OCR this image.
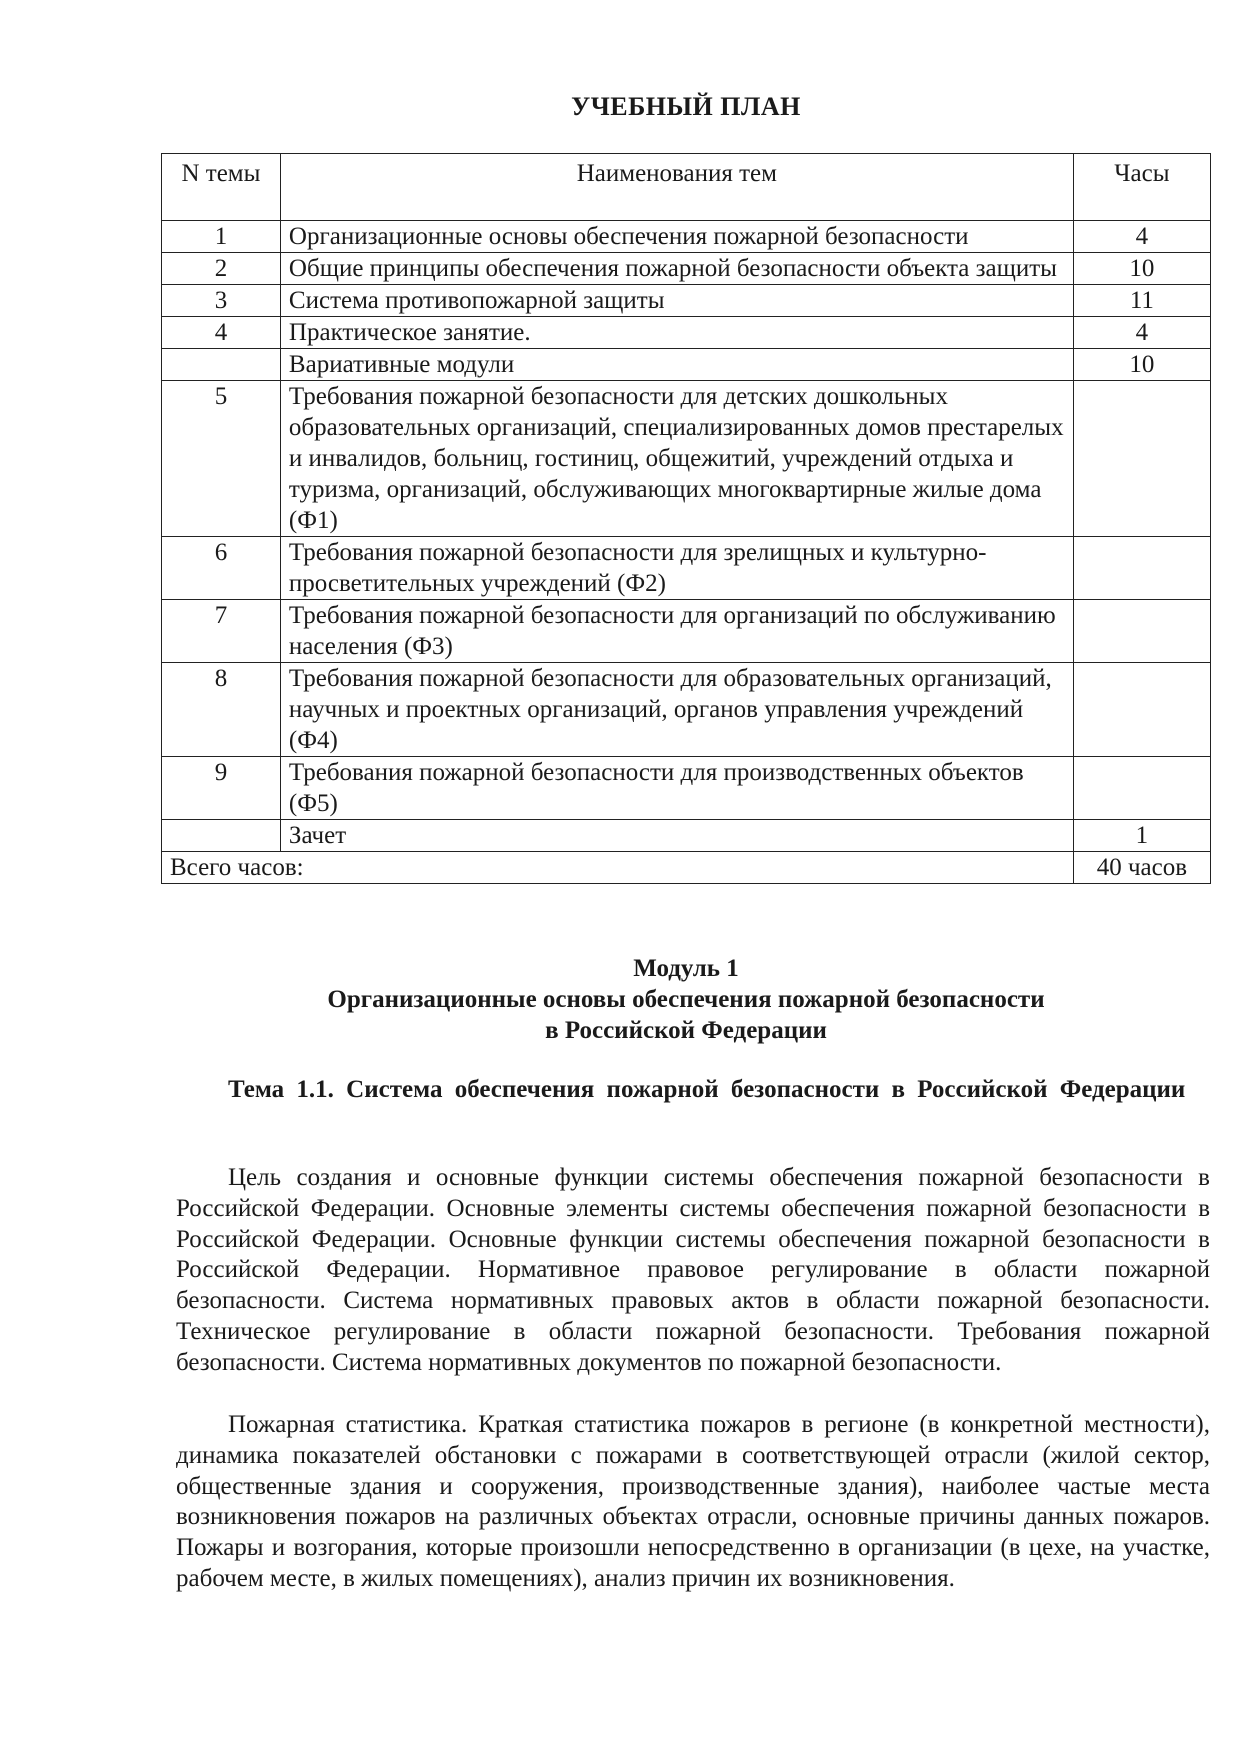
УЧЕБНЫЙ ПЛАН
N темы	Наименования тем	Часы
1	Организационные основы обеспечения пожарной безопасности	4
2	Общие принципы обеспечения пожарной безопасности объекта защиты	10
3	Система противопожарной защиты	11
4	Практическое занятие.	4
	Вариативные модули	10
5	Требования пожарной безопасности для детских дошкольных образовательных организаций, специализированных домов престарелых и инвалидов, больниц, гостиниц, общежитий, учреждений отдыха и туризма, организаций, обслуживающих многоквартирные жилые дома (Ф1)	
6	Требования пожарной безопасности для зрелищных и культурно-просветительных учреждений (Ф2)	
7	Требования пожарной безопасности для организаций по обслуживанию населения (Ф3)	
8	Требования пожарной безопасности для образовательных организаций, научных и проектных организаций, органов управления учреждений (Ф4)	
9	Требования пожарной безопасности для производственных объектов (Ф5)	
	Зачет	1
Всего часов:		40 часов
Модуль 1
Организационные основы обеспечения пожарной безопасности
в Российской Федерации
Тема 1.1. Система обеспечения пожарной безопасности в Российской Федерации

Цель создания и основные функции системы обеспечения пожарной безопасности в Российской Федерации. Основные элементы системы обеспечения пожарной безопасности в Российской Федерации. Основные функции системы обеспечения пожарной безопасности в Российской Федерации. Нормативное правовое регулирование в области пожарной безопасности. Система нормативных правовых актов в области пожарной безопасности. Техническое регулирование в области пожарной безопасности. Требования пожарной безопасности. Система нормативных документов по пожарной безопасности.

Пожарная статистика. Краткая статистика пожаров в регионе (в конкретной местности), динамика показателей обстановки с пожарами в соответствующей отрасли (жилой сектор, общественные здания и сооружения, производственные здания), наиболее частые места возникновения пожаров на различных объектах отрасли, основные причины данных пожаров. Пожары и возгорания, которые произошли непосредственно в организации (в цехе, на участке, рабочем месте, в жилых помещениях), анализ причин их возникновения.
